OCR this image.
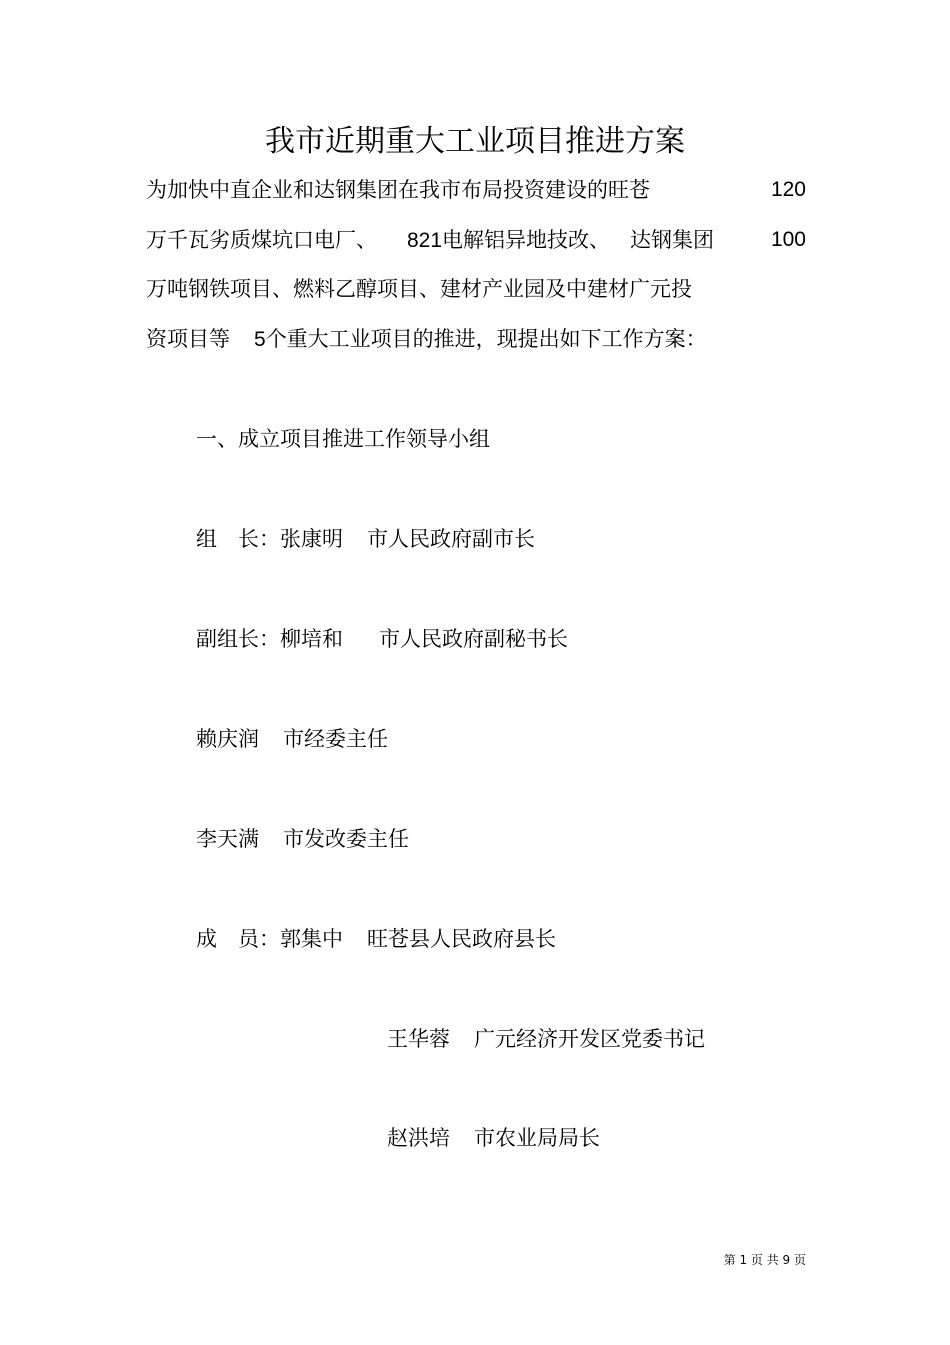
我市近期重大工业项目推进方案
为加快中直企业和达钢集团在我市布局投资建设的旺苍	120
万千瓦劣质煤坑口电厂、 821电解铝异地技改、 达钢集团	100
万吨钢铁项目、燃料乙醇项目、建材产业园及中建材广元投
资项目等 5个重大工业项目的推进，现提出如下工作方案：
一、成立项目推进工作领导小组
组　长：张康明 市人民政府副市长
副组长：柳培和 市人民政府副秘书长
赖庆润 市经委主任
李天满 市发改委主任
成　员：郭集中 旺苍县人民政府县长
王华蓉 广元经济开发区党委书记
赵洪培 市农业局局长
第 1 页 共 9 页
